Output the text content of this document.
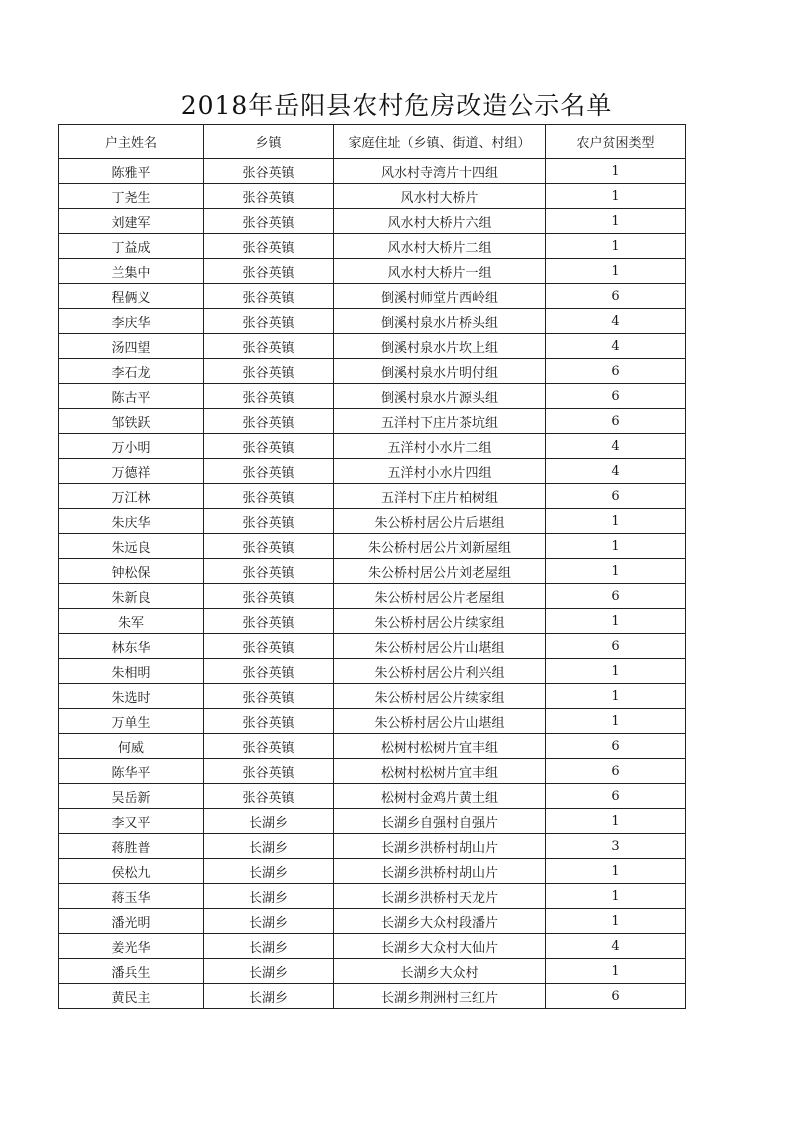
2018年岳阳县农村危房改造公示名单
户主姓名	乡镇	家庭住址（乡镇、街道、村组）	农户贫困类型
陈雅平	张谷英镇	风水村寺湾片十四组	1
丁尧生	张谷英镇	风水村大桥片	1
刘建军	张谷英镇	风水村大桥片六组	1
丁益成	张谷英镇	风水村大桥片二组	1
兰集中	张谷英镇	风水村大桥片一组	1
程俩义	张谷英镇	倒溪村师堂片西岭组	6
李庆华	张谷英镇	倒溪村泉水片桥头组	4
汤四望	张谷英镇	倒溪村泉水片坎上组	4
李石龙	张谷英镇	倒溪村泉水片明付组	6
陈古平	张谷英镇	倒溪村泉水片源头组	6
邹铁跃	张谷英镇	五洋村下庄片茶坑组	6
万小明	张谷英镇	五洋村小水片二组	4
万德祥	张谷英镇	五洋村小水片四组	4
万江林	张谷英镇	五洋村下庄片柏树组	6
朱庆华	张谷英镇	朱公桥村居公片后堪组	1
朱远良	张谷英镇	朱公桥村居公片刘新屋组	1
钟松保	张谷英镇	朱公桥村居公片刘老屋组	1
朱新良	张谷英镇	朱公桥村居公片老屋组	6
朱军	张谷英镇	朱公桥村居公片续家组	1
林东华	张谷英镇	朱公桥村居公片山堪组	6
朱相明	张谷英镇	朱公桥村居公片利兴组	1
朱选时	张谷英镇	朱公桥村居公片续家组	1
万单生	张谷英镇	朱公桥村居公片山堪组	1
何威	张谷英镇	松树村松树片宜丰组	6
陈华平	张谷英镇	松树村松树片宜丰组	6
吴岳新	张谷英镇	松树村金鸡片黄土组	6
李又平	长湖乡	长湖乡自强村自强片	1
蒋胜普	长湖乡	长湖乡洪桥村胡山片	3
侯松九	长湖乡	长湖乡洪桥村胡山片	1
蒋玉华	长湖乡	长湖乡洪桥村天龙片	1
潘光明	长湖乡	长湖乡大众村段潘片	1
姜光华	长湖乡	长湖乡大众村大仙片	4
潘兵生	长湖乡	长湖乡大众村	1
黄民主	长湖乡	长湖乡荆洲村三红片	6
